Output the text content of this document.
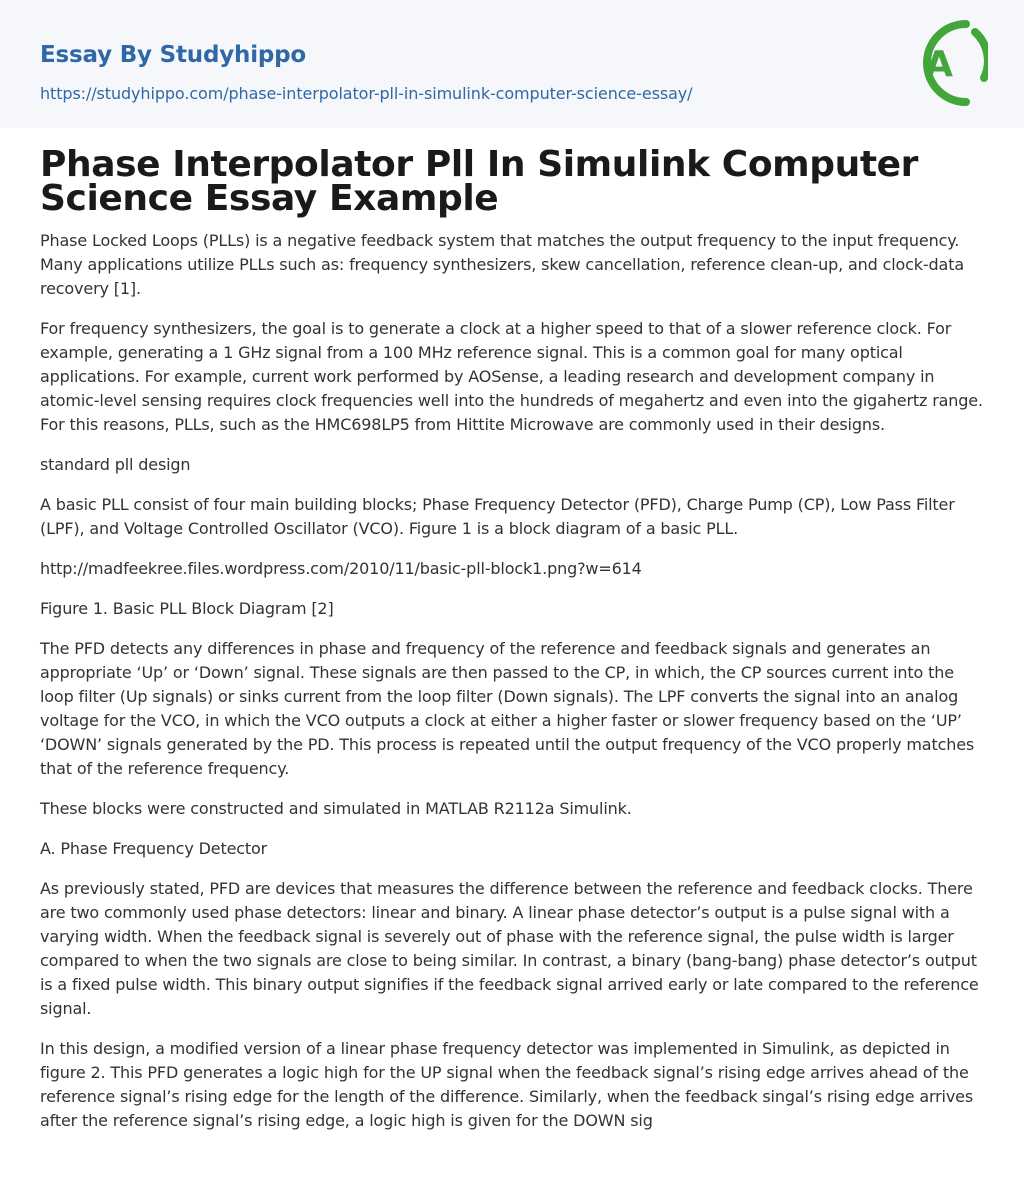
Essay By Studyhippo
https://studyhippo.com/phase-interpolator-pll-in-simulink-computer-science-essay/
A
Phase Interpolator Pll In Simulink Computer Science Essay Example

Phase Locked Loops (PLLs) is a negative feedback system that matches the output frequency to the input frequency. Many applications utilize PLLs such as: frequency synthesizers, skew cancellation, reference clean-up, and clock-data recovery [1].

For frequency synthesizers, the goal is to generate a clock at a higher speed to that of a slower reference clock. For example, generating a 1 GHz signal from a 100 MHz reference signal. This is a common goal for many optical applications. For example, current work performed by AOSense, a leading research and development company in atomic-level sensing requires clock frequencies well into the hundreds of megahertz and even into the gigahertz range. For this reasons, PLLs, such as the HMC698LP5 from Hittite Microwave are commonly used in their designs.

standard pll design

A basic PLL consist of four main building blocks; Phase Frequency Detector (PFD), Charge Pump (CP), Low Pass Filter (LPF), and Voltage Controlled Oscillator (VCO). Figure 1 is a block diagram of a basic PLL.

http://madfeekree.files.wordpress.com/2010/11/basic-pll-block1.png?w=614

Figure 1. Basic PLL Block Diagram [2]

The PFD detects any differences in phase and frequency of the reference and feedback signals and generates an appropriate ‘Up’ or ‘Down’ signal. These signals are then passed to the CP, in which, the CP sources current into the loop filter (Up signals) or sinks current from the loop filter (Down signals). The LPF converts the signal into an analog voltage for the VCO, in which the VCO outputs a clock at either a higher faster or slower frequency based on the ‘UP’ ‘DOWN’ signals generated by the PD. This process is repeated until the output frequency of the VCO properly matches that of the reference frequency.

These blocks were constructed and simulated in MATLAB R2112a Simulink.

A. Phase Frequency Detector

As previously stated, PFD are devices that measures the difference between the reference and feedback clocks. There are two commonly used phase detectors: linear and binary. A linear phase detector’s output is a pulse signal with a varying width. When the feedback signal is severely out of phase with the reference signal, the pulse width is larger compared to when the two signals are close to being similar. In contrast, a binary (bang-bang) phase detector’s output is a fixed pulse width. This binary output signifies if the feedback signal arrived early or late compared to the reference signal.

In this design, a modified version of a linear phase frequency detector was implemented in Simulink, as depicted in figure 2. This PFD generates a logic high for the UP signal when the feedback signal’s rising edge arrives ahead of the reference signal’s rising edge for the length of the difference. Similarly, when the feedback singal’s rising edge arrives after the reference signal’s rising edge, a logic high is given for the DOWN sig
